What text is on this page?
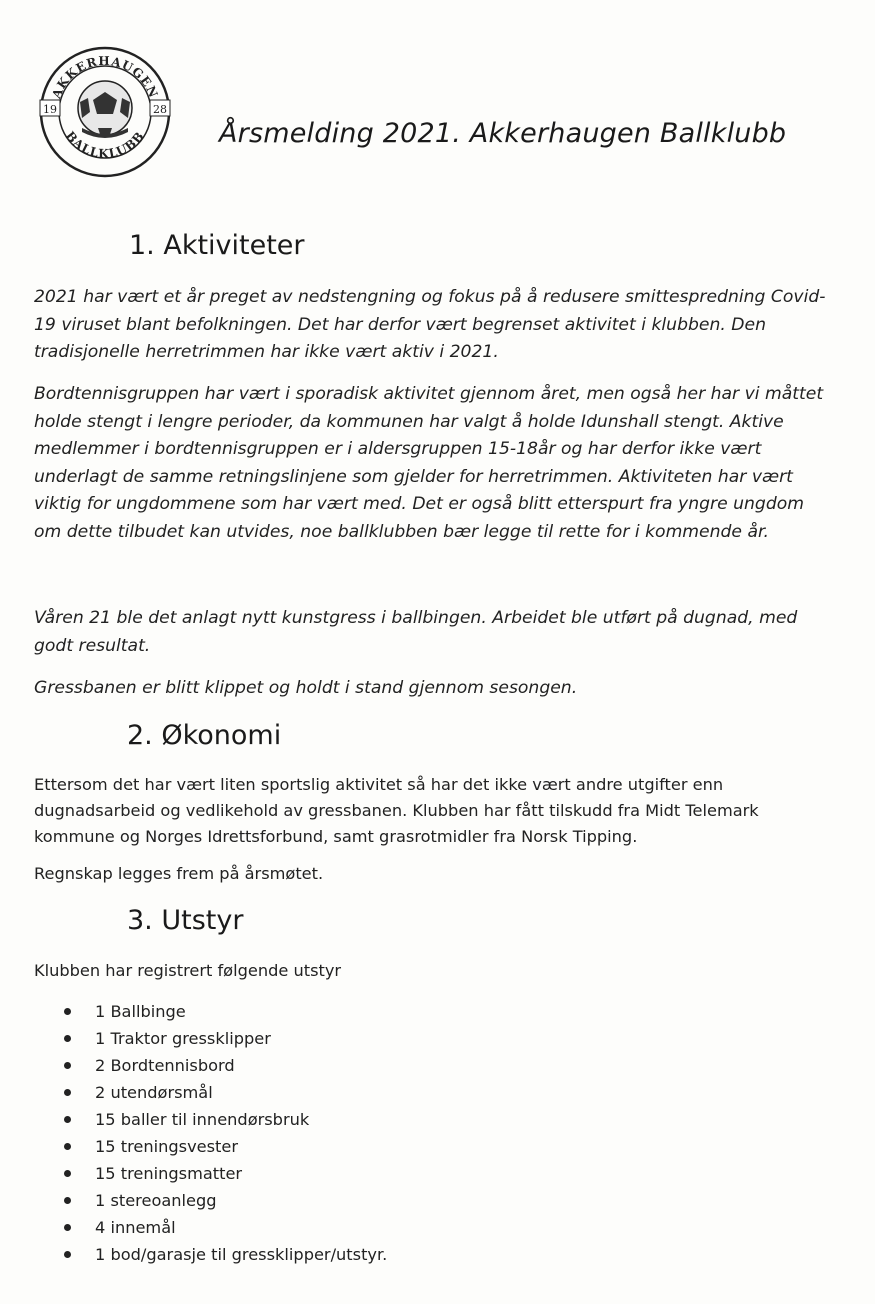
AKKERHAUGEN
BALLKLUBB
19	28
Årsmelding 2021. Akkerhaugen Ballklubb
1. Aktiviteter

2021 har vært et år preget av nedstengning og fokus på å redusere smittespredning Covid-19 viruset blant befolkningen. Det har derfor vært begrenset aktivitet i klubben. Den tradisjonelle herretrimmen har ikke vært aktiv i 2021.

Bordtennisgruppen har vært i sporadisk aktivitet gjennom året, men også her har vi måttet holde stengt i lengre perioder, da kommunen har valgt å holde Idunshall stengt. Aktive medlemmer i bordtennisgruppen er i aldersgruppen 15-18år og har derfor ikke vært underlagt de samme retningslinjene som gjelder for herretrimmen. Aktiviteten har vært viktig for ungdommene som har vært med. Det er også blitt etterspurt fra yngre ungdom om dette tilbudet kan utvides, noe ballklubben bær legge til rette for i kommende år.

Våren 21 ble det anlagt nytt kunstgress i ballbingen. Arbeidet ble utført på dugnad, med godt resultat.

Gressbanen er blitt klippet og holdt i stand gjennom sesongen.

2. Økonomi

Ettersom det har vært liten sportslig aktivitet så har det ikke vært andre utgifter enn dugnadsarbeid og vedlikehold av gressbanen. Klubben har fått tilskudd fra Midt Telemark kommune og Norges Idrettsforbund, samt grasrotmidler fra Norsk Tipping.

Regnskap legges frem på årsmøtet.

3. Utstyr

Klubben har registrert følgende utstyr

1 Ballbinge
1 Traktor gressklipper
2 Bordtennisbord
2 utendørsmål
15 baller til innendørsbruk
15 treningsvester
15 treningsmatter
1 stereoanlegg
4 innemål
1 bod/garasje til gressklipper/utstyr.
